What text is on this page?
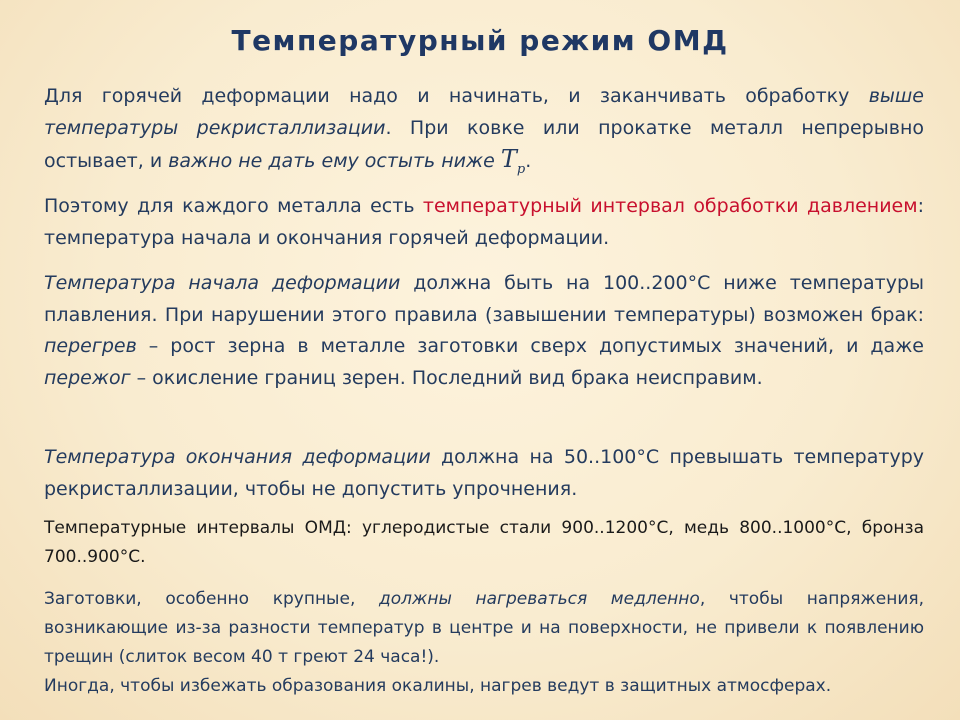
Температурный режим ОМД

Для горячей деформации надо и начинать, и заканчивать обработку выше температуры рекристаллизации. При ковке или прокатке металл непрерывно остывает, и важно не дать ему остыть ниже $T_p$.

Поэтому для каждого металла есть температурный интервал обработки давлением: температура начала и окончания горячей деформации.

Температура начала деформации должна быть на 100..200°С ниже температуры плавления. При нарушении этого правила (завышении температуры) возможен брак: перегрев – рост зерна в металле заготовки сверх допустимых значений, и даже пережог – окисление границ зерен. Последний вид брака неисправим.

Температура окончания деформации должна на 50..100°С превышать температуру рекристаллизации, чтобы не допустить упрочнения.

Температурные интервалы ОМД: углеродистые стали 900..1200°С, медь 800..1000°С, бронза 700..900°С.

Заготовки, особенно крупные, должны нагреваться медленно, чтобы напряжения, возникающие из-за разности температур в центре и на поверхности, не привели к появлению трещин (слиток весом 40 т греют 24 часа!).
Иногда, чтобы избежать образования окалины, нагрев ведут в защитных атмосферах.
